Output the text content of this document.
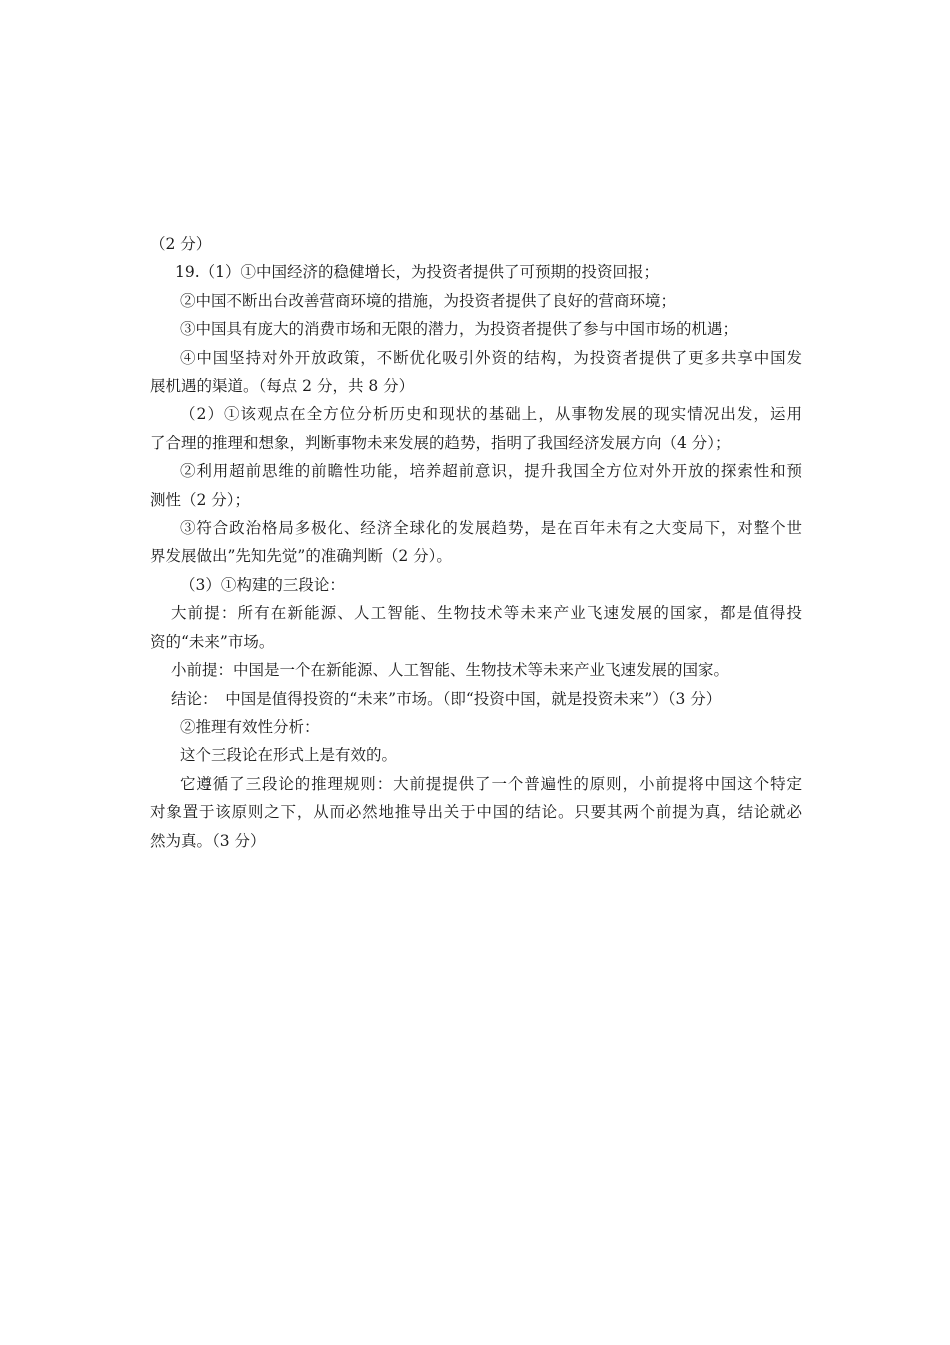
（2 分）
19.（1）①中国经济的稳健增长，为投资者提供了可预期的投资回报；
②中国不断出台改善营商环境的措施，为投资者提供了良好的营商环境；
③中国具有庞大的消费市场和无限的潜力，为投资者提供了参与中国市场的机遇；
④中国坚持对外开放政策，不断优化吸引外资的结构，为投资者提供了更多共享中国发
展机遇的渠道。（每点 2 分，共 8 分）
（2）①该观点在全方位分析历史和现状的基础上，从事物发展的现实情况出发，运用
了合理的推理和想象，判断事物未来发展的趋势，指明了我国经济发展方向（4 分）；
②利用超前思维的前瞻性功能，培养超前意识，提升我国全方位对外开放的探索性和预
测性（2 分）；
③符合政治格局多极化、经济全球化的发展趋势，是在百年未有之大变局下，对整个世
界发展做出”先知先觉”的准确判断（2 分）。
（3）①构建的三段论：
大前提：所有在新能源、人工智能、生物技术等未来产业飞速发展的国家，都是值得投
资的“未来”市场。
小前提：中国是一个在新能源、人工智能、生物技术等未来产业飞速发展的国家。
结论：　中国是值得投资的“未来”市场。（即“投资中国，就是投资未来”）（3 分）
②推理有效性分析：
这个三段论在形式上是有效的。
它遵循了三段论的推理规则：大前提提供了一个普遍性的原则，小前提将中国这个特定
对象置于该原则之下，从而必然地推导出关于中国的结论。只要其两个前提为真，结论就必
然为真。（3 分）
